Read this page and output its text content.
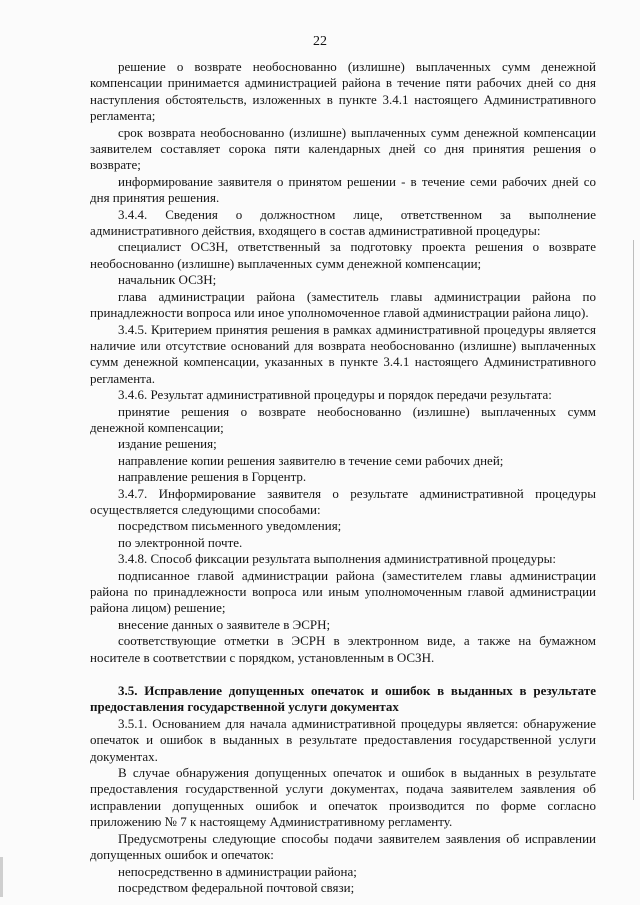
22

решение о возврате необоснованно (излишне) выплаченных сумм денежной компенсации принимается администрацией района в течение пяти рабочих дней со дня наступления обстоятельств, изложенных в пункте 3.4.1 настоящего Административного регламента;

срок возврата необоснованно (излишне) выплаченных сумм денежной компенсации заявителем составляет сорока пяти календарных дней со дня принятия решения о возврате;

информирование заявителя о принятом решении - в течение семи рабочих дней со дня принятия решения.

3.4.4. Сведения о должностном лице, ответственном за выполнение административного действия, входящего в состав административной процедуры:

специалист ОСЗН, ответственный за подготовку проекта решения о возврате необоснованно (излишне) выплаченных сумм денежной компенсации;

начальник ОСЗН;

глава администрации района (заместитель главы администрации района по принадлежности вопроса или иное уполномоченное главой администрации района лицо).

3.4.5. Критерием принятия решения в рамках административной процедуры является наличие или отсутствие оснований для возврата необоснованно (излишне) выплаченных сумм денежной компенсации, указанных в пункте 3.4.1 настоящего Административного регламента.

3.4.6. Результат административной процедуры и порядок передачи результата:

принятие решения о возврате необоснованно (излишне) выплаченных сумм денежной компенсации;

издание решения;

направление копии решения заявителю в течение семи рабочих дней;

направление решения в Горцентр.

3.4.7. Информирование заявителя о результате административной процедуры осуществляется следующими способами:

посредством письменного уведомления;

по электронной почте.

3.4.8. Способ фиксации результата выполнения административной процедуры:

подписанное главой администрации района (заместителем главы администрации района по принадлежности вопроса или иным уполномоченным главой администрации района лицом) решение;

внесение данных о заявителе в ЭСРН;

соответствующие отметки в ЭСРН в электронном виде, а также на бумажном носителе в соответствии с порядком, установленным в ОСЗН.

3.5. Исправление допущенных опечаток и ошибок в выданных в результате предоставления государственной услуги документах

3.5.1. Основанием для начала административной процедуры является: обнаружение опечаток и ошибок в выданных в результате предоставления государственной услуги документах.

В случае обнаружения допущенных опечаток и ошибок в выданных в результате предоставления государственной услуги документах, подача заявителем заявления об исправлении допущенных ошибок и опечаток производится по форме согласно приложению № 7 к настоящему Административному регламенту.

Предусмотрены следующие способы подачи заявителем заявления об исправлении допущенных ошибок и опечаток:

непосредственно в администрации района;

посредством федеральной почтовой связи;
